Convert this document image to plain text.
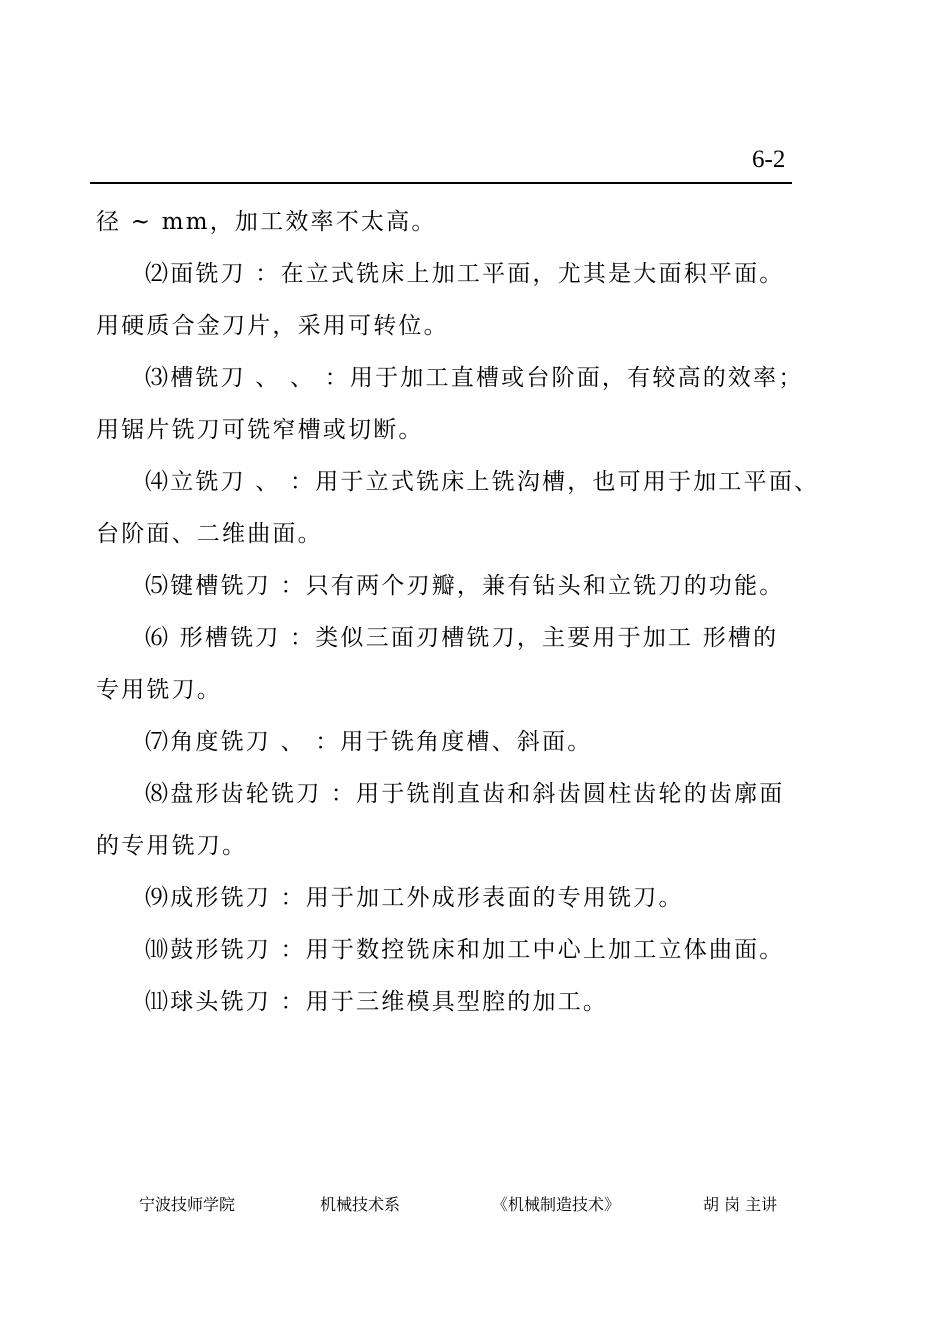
6-2
径 ~ mm，加工效率不太高。
⑵面铣刀 ：在立式铣床上加工平面，尤其是大面积平面。
用硬质合金刀片，采用可转位。
⑶槽铣刀 、 、 ：用于加工直槽或台阶面，有较高的效率；
用锯片铣刀可铣窄槽或切断。
⑷立铣刀 、 ：用于立式铣床上铣沟槽，也可用于加工平面、
台阶面、二维曲面。
⑸键槽铣刀 ：只有两个刃瓣，兼有钻头和立铣刀的功能。
⑹ 形槽铣刀 ：类似三面刃槽铣刀，主要用于加工 形槽的
专用铣刀。
⑺角度铣刀 、 ：用于铣角度槽、斜面。
⑻盘形齿轮铣刀 ：用于铣削直齿和斜齿圆柱齿轮的齿廓面
的专用铣刀。
⑼成形铣刀 ：用于加工外成形表面的专用铣刀。
⑽鼓形铣刀 ：用于数控铣床和加工中心上加工立体曲面。
⑾球头铣刀 ：用于三维模具型腔的加工。
宁波技师学院	机械技术系	《机械制造技术》	胡 岗 主讲
